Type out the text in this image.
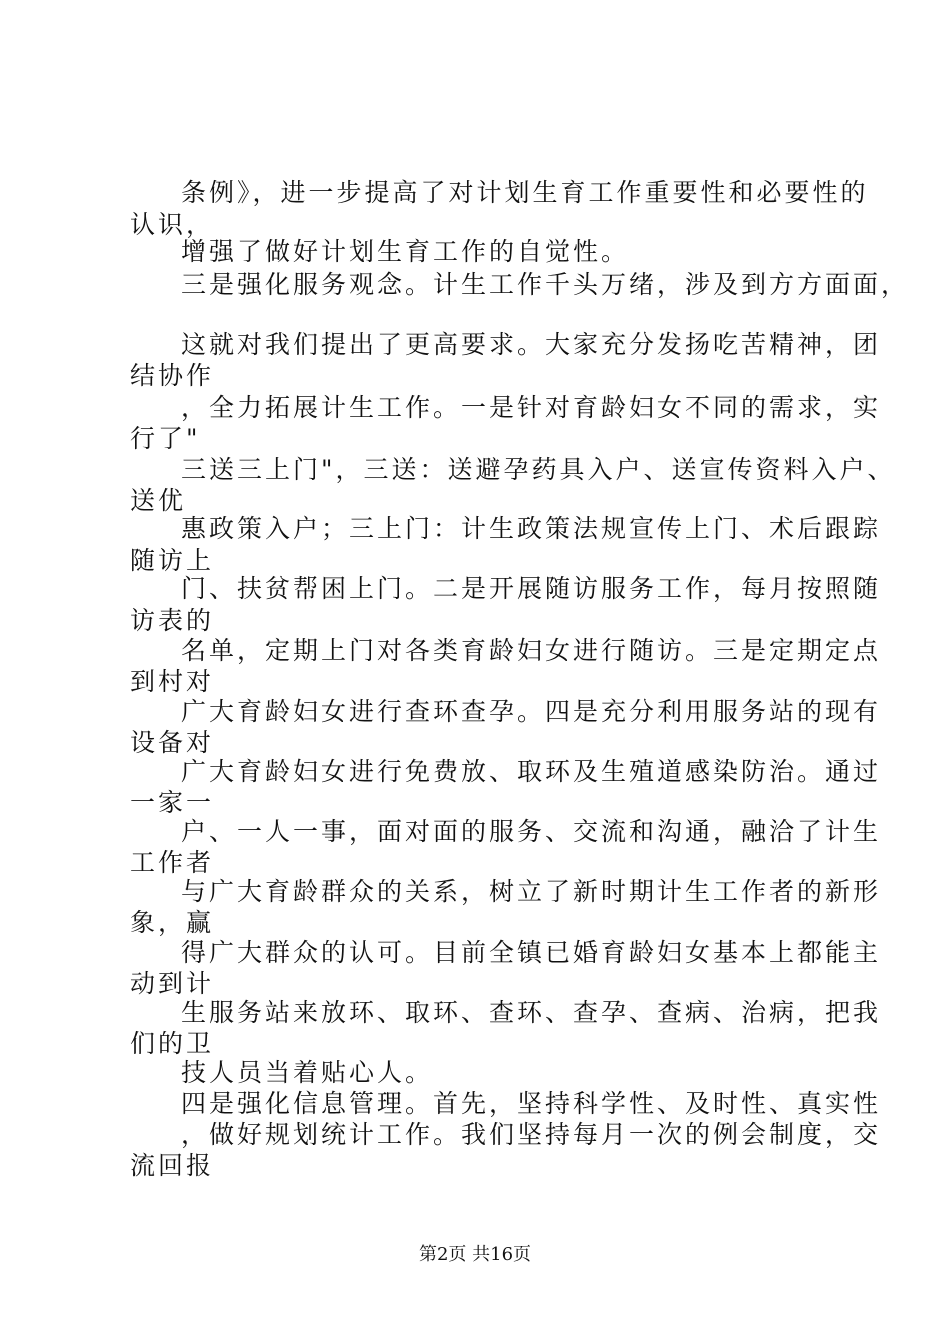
条例》，进一步提高了对计划生育工作重要性和必要性的
认识，
增强了做好计划生育工作的自觉性。
三是强化服务观念。计生工作千头万绪，涉及到方方面面，
这就对我们提出了更高要求。大家充分发扬吃苦精神，团
结协作
，全力拓展计生工作。一是针对育龄妇女不同的需求，实
行了"
三送三上门"，三送：送避孕药具入户、送宣传资料入户、
送优
惠政策入户；三上门：计生政策法规宣传上门、术后跟踪
随访上
门、扶贫帮困上门。二是开展随访服务工作，每月按照随
访表的
名单，定期上门对各类育龄妇女进行随访。三是定期定点
到村对
广大育龄妇女进行查环查孕。四是充分利用服务站的现有
设备对
广大育龄妇女进行免费放、取环及生殖道感染防治。通过
一家一
户、一人一事，面对面的服务、交流和沟通，融洽了计生
工作者
与广大育龄群众的关系，树立了新时期计生工作者的新形
象，赢
得广大群众的认可。目前全镇已婚育龄妇女基本上都能主
动到计
生服务站来放环、取环、查环、查孕、查病、治病，把我
们的卫
技人员当着贴心人。
四是强化信息管理。首先，坚持科学性、及时性、真实性
，做好规划统计工作。我们坚持每月一次的例会制度，交
流回报
第2页 共16页
